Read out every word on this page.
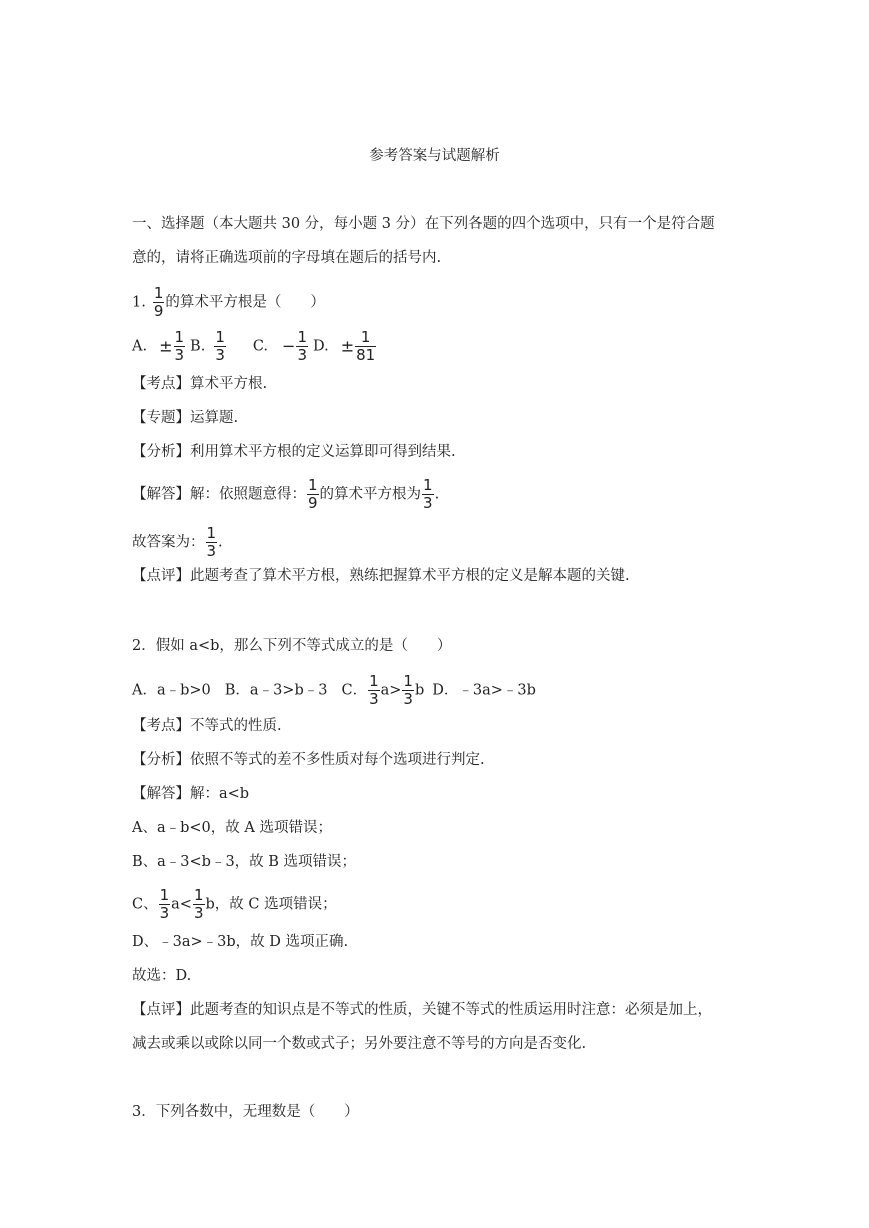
参考答案与试题解析
一、选择题（本大题共 30 分，每小题 3 分）在下列各题的四个选项中，只有一个是符合题
意的，请将正确选项前的字母填在题后的括号内.
1. $\frac{1}{9}$ 的算术平方根是（　　）
A. ± $\frac{1}{3} B$. $\frac{1}{3} C$. − $\frac{1}{3} D$. ± $\frac{1}{81}$
【考点】算术平方根.
【专题】运算题.
【分析】利用算术平方根的定义运算即可得到结果.
【解答】解：依照题意得： $\frac{1}{9}$ 的算术平方根为 $\frac{1}{3}$ .
故答案为： $\frac{1}{3}$ .
【点评】此题考查了算术平方根，熟练把握算术平方根的定义是解本题的关键.
2．假如 a<b，那么下列不等式成立的是（　　）
A．a﹣b>0 B．a﹣3>b﹣3 C． $\frac{1}{3} a> \frac{1}{3}$ b D．﹣3a>﹣3b
【考点】不等式的性质.
【分析】依照不等式的差不多性质对每个选项进行判定.
【解答】解：a<b
A、a﹣b<0，故 A 选项错误；
B、a﹣3<b﹣3，故 B 选项错误；
C、 $\frac{1}{3} a< \frac{1}{3}$ b，故 C 选项错误；
D、﹣3a>﹣3b，故 D 选项正确.
故选：D.
【点评】此题考查的知识点是不等式的性质，关键不等式的性质运用时注意：必须是加上，
减去或乘以或除以同一个数或式子；另外要注意不等号的方向是否变化.
3．下列各数中，无理数是（　　）
